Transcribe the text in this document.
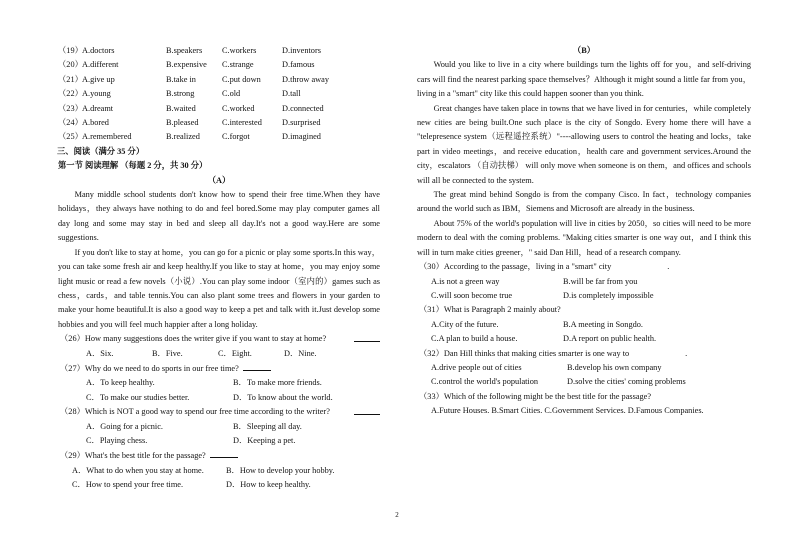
（19） A.doctors	B.speakers	C.workers	D.inventors
（20） A.different	B.expensive	C.strange	D.famous
（21） A.give up	B.take in	C.put down	D.throw away
（22） A.young	B.strong	C.old	D.tall
（23） A.dreamt	B.waited	C.worked	D.connected
（24） A.bored	B.pleased	C.interested	D.surprised
（25） A.remembered	B.realized	C.forgot	D.imagined
三、阅读（满分 35 分）
第一节 阅读理解 （每题 2 分，共 30 分）
（A）

Many middle school students don't know how to spend their free time.When they have holidays，they always have nothing to do and feel bored.Some may play computer games all day long and some may stay in bed and sleep all day.It's not a good way.Here are some suggestions.

If you don't like to stay at home，you can go for a picnic or play some sports.In this way，you can take some fresh air and keep healthy.If you like to stay at home，you may enjoy some light music or read a few novels（小说）.You can play some indoor（室内的）games such as chess，cards，and table tennis.You can also plant some trees and flowers in your garden to make your home beautiful.It is also a good way to keep a pet and talk with it.Just develop some hobbies and you will feel much happier after a long holiday.

（26）How many suggestions does the writer give if you want to stay at home?
A．Six.	B．Five.	C．Eight.	D．Nine.
（27）Why do we need to do sports in our free time?
A．To keep healthy.	B．To make more friends.
C．To make our studies better.	D．To know about the world.
（28）Which is NOT a good way to spend our free time according to the writer?
A．Going for a picnic.	B．Sleeping all day.
C．Playing chess.	D．Keeping a pet.
（29）What's the best title for the passage?
A．What to do when you stay at home.	B．How to develop your hobby.
C．How to spend your free time.	D．How to keep healthy.
（B）

Would you like to live in a city where buildings turn the lights off for you，and self-driving cars will find the nearest parking space themselves？Although it might sound a little far from you，living in a "smart" city like this could happen sooner than you think.

Great changes have taken place in towns that we have lived in for centuries，while completely new cities are being built.One such place is the city of Songdo. Every home there will have a "telepresence system（远程遥控系统）"----allowing users to control the heating and locks，take part in video meetings，and receive education，health care and government services.Around the city，escalators （自动扶梯） will only move when someone is on them，and offices and schools will all be connected to the system.

The great mind behind Songdo is from the company Cisco. In fact，technology companies around the world such as IBM，Siemens and Microsoft are already in the business.

About 75% of the world's population will live in cities by 2050，so cities will need to be more modern to deal with the coming problems. "Making cities smarter is one way out，and I think this will in turn make cities greener，" said Dan Hill，head of a research company.

（30）According to the passage，living in a "smart" city	.
A.is not a green way	B.will be far from you
C.will soon become true	D.is completely impossible
（31）What is Paragraph 2 mainly about?
A.City of the future.	B.A meeting in Songdo.
C.A plan to build a house.	D.A report on public health.
（32）Dan Hill thinks that making cities smarter is one way to	.
A.drive people out of cities	B.develop his own company
C.control the world's population	D.solve the cities' coming problems
（33）Which of the following might be the best title for the passage?
A.Future Houses. B.Smart Cities. C.Government Services. D.Famous Companies.
2
